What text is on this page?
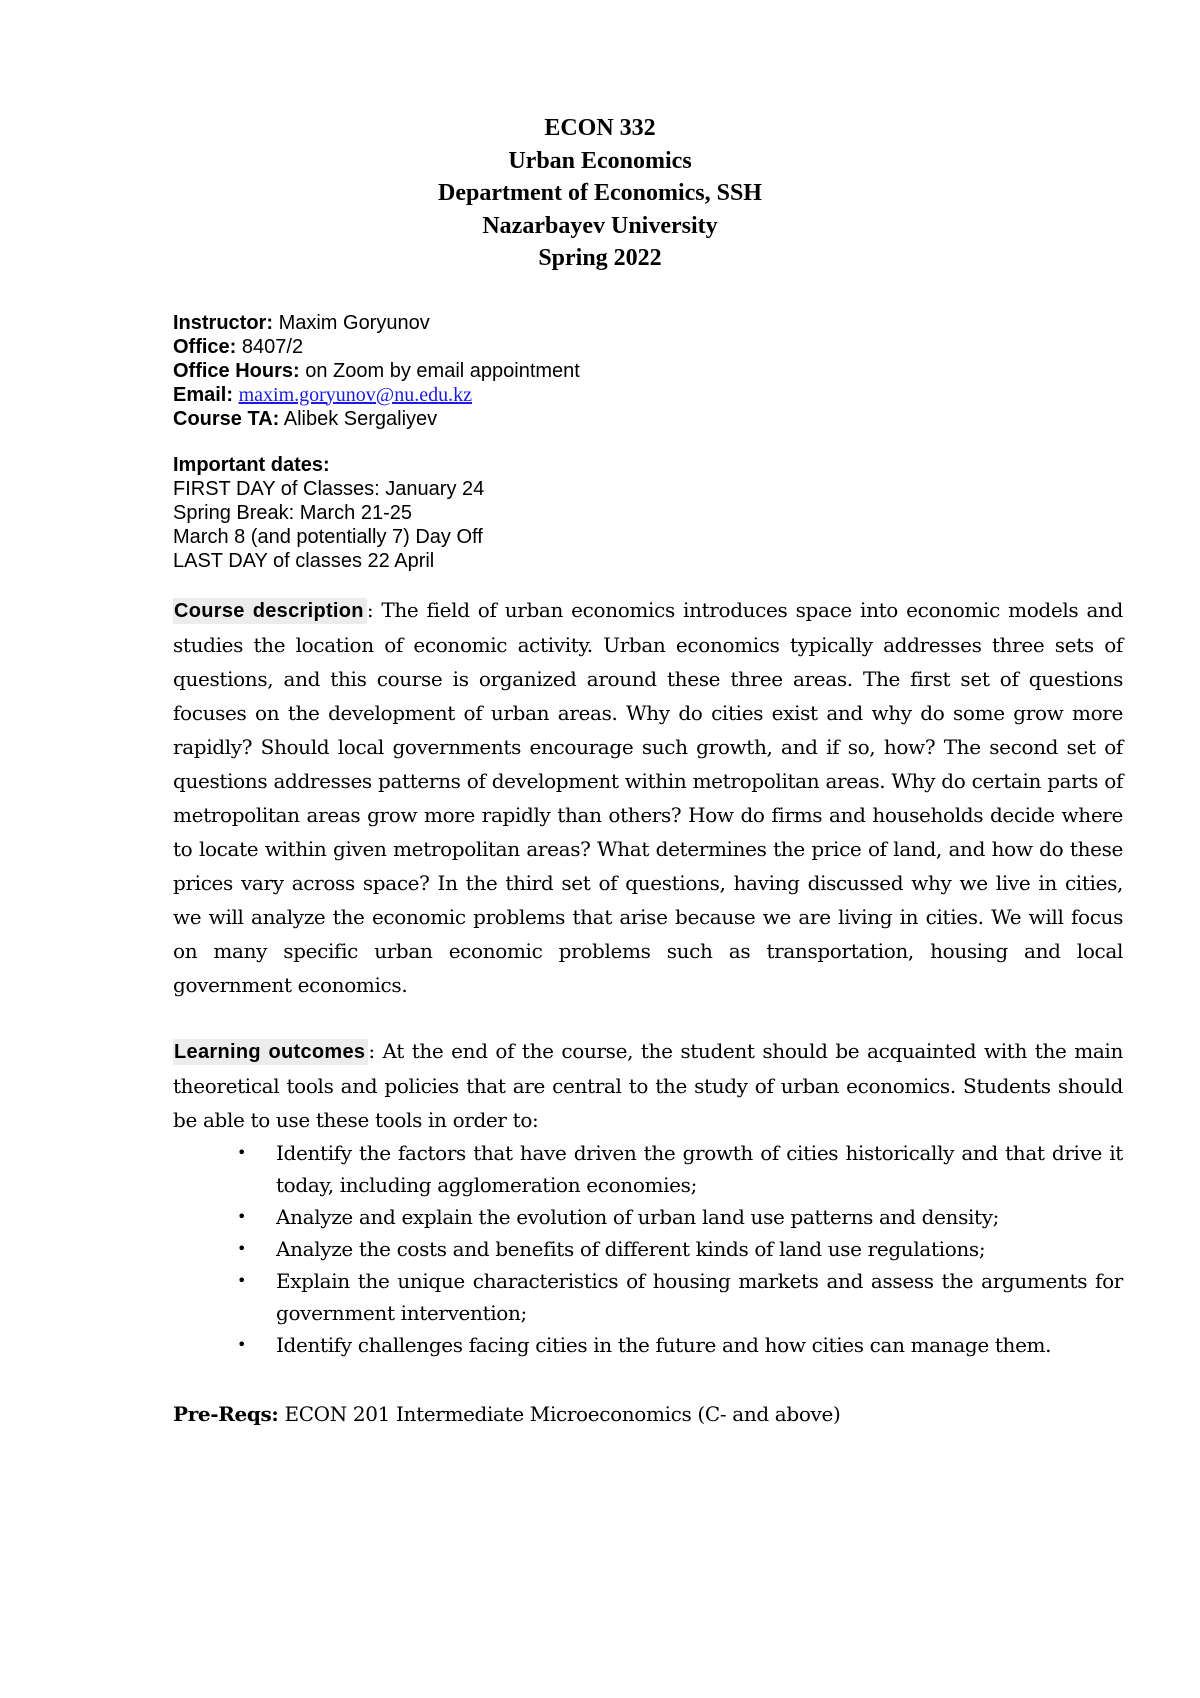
ECON 332
Urban Economics
Department of Economics, SSH
Nazarbayev University
Spring 2022
Instructor: Maxim Goryunov
Office: 8407/2
Office Hours: on Zoom by email appointment
Email: maxim.goryunov@nu.edu.kz
Course TA: Alibek Sergaliyev
Important dates:
FIRST DAY of Classes: January 24
Spring Break: March 21-25
March 8 (and potentially 7) Day Off
LAST DAY of classes 22 April
Course description : The field of urban economics introduces space into economic models and studies the location of economic activity. Urban economics typically addresses three sets of questions, and this course is organized around these three areas. The first set of questions focuses on the development of urban areas. Why do cities exist and why do some grow more rapidly? Should local governments encourage such growth, and if so, how? The second set of questions addresses patterns of development within metropolitan areas. Why do certain parts of metropolitan areas grow more rapidly than others? How do firms and households decide where to locate within given metropolitan areas? What determines the price of land, and how do these prices vary across space? In the third set of questions, having discussed why we live in cities, we will analyze the economic problems that arise because we are living in cities. We will focus on many specific urban economic problems such as transportation, housing and local government economics.
Learning outcomes : At the end of the course, the student should be acquainted with the main theoretical tools and policies that are central to the study of urban economics. Students should be able to use these tools in order to:
• Identify the factors that have driven the growth of cities historically and that drive it today, including agglomeration economies;
• Analyze and explain the evolution of urban land use patterns and density;
• Analyze the costs and benefits of different kinds of land use regulations;
• Explain the unique characteristics of housing markets and assess the arguments for government intervention;
• Identify challenges facing cities in the future and how cities can manage them.
Pre-Reqs: ECON 201 Intermediate Microeconomics (C- and above)
